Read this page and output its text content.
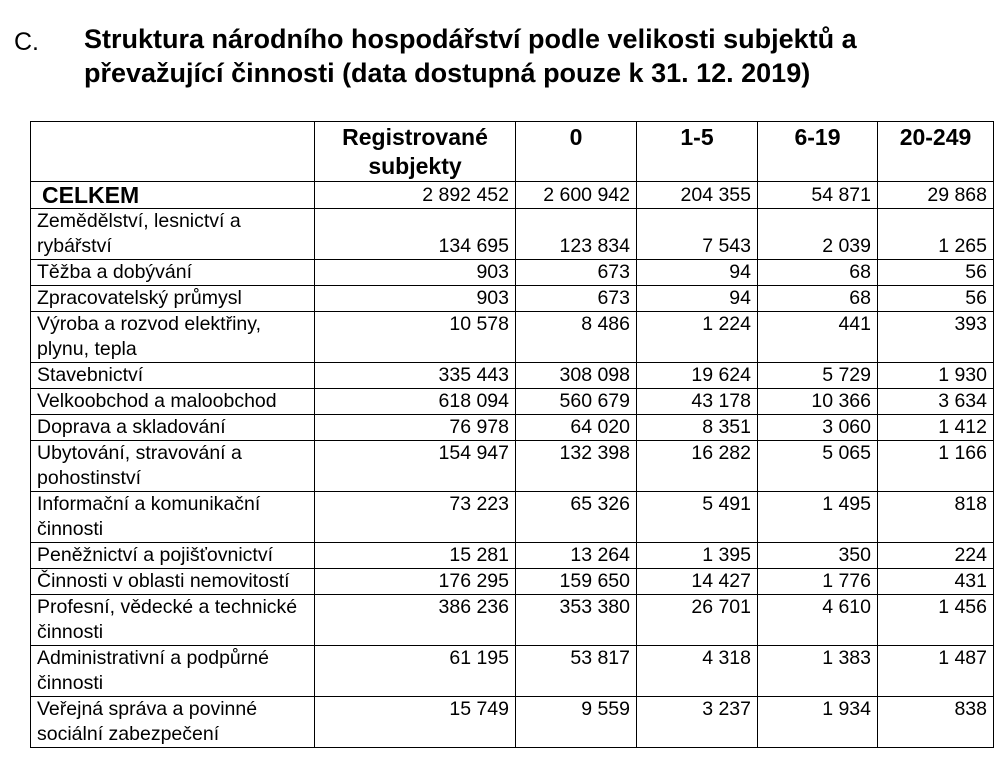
C. Struktura národního hospodářství podle velikosti subjektů a převažující činnosti (data dostupná pouze k 31. 12. 2019)
	Registrované subjekty	0	1-5	6-19	20-249
CELKEM	2 892 452	2 600 942	204 355	54 871	29 868
Zemědělství, lesnictví a rybářství	134 695	123 834	7 543	2 039	1 265
Těžba a dobývání	903	673	94	68	56
Zpracovatelský průmysl	903	673	94	68	56
Výroba a rozvod elektřiny, plynu, tepla	10 578	8 486	1 224	441	393
Stavebnictví	335 443	308 098	19 624	5 729	1 930
Velkoobchod a maloobchod	618 094	560 679	43 178	10 366	3 634
Doprava a skladování	76 978	64 020	8 351	3 060	1 412
Ubytování, stravování a pohostinství	154 947	132 398	16 282	5 065	1 166
Informační a komunikační činnosti	73 223	65 326	5 491	1 495	818
Peněžnictví a pojišťovnictví	15 281	13 264	1 395	350	224
Činnosti v oblasti nemovitostí	176 295	159 650	14 427	1 776	431
Profesní, vědecké a technické činnosti	386 236	353 380	26 701	4 610	1 456
Administrativní a podpůrné činnosti	61 195	53 817	4 318	1 383	1 487
Veřejná správa a povinné sociální zabezpečení	15 749	9 559	3 237	1 934	838
